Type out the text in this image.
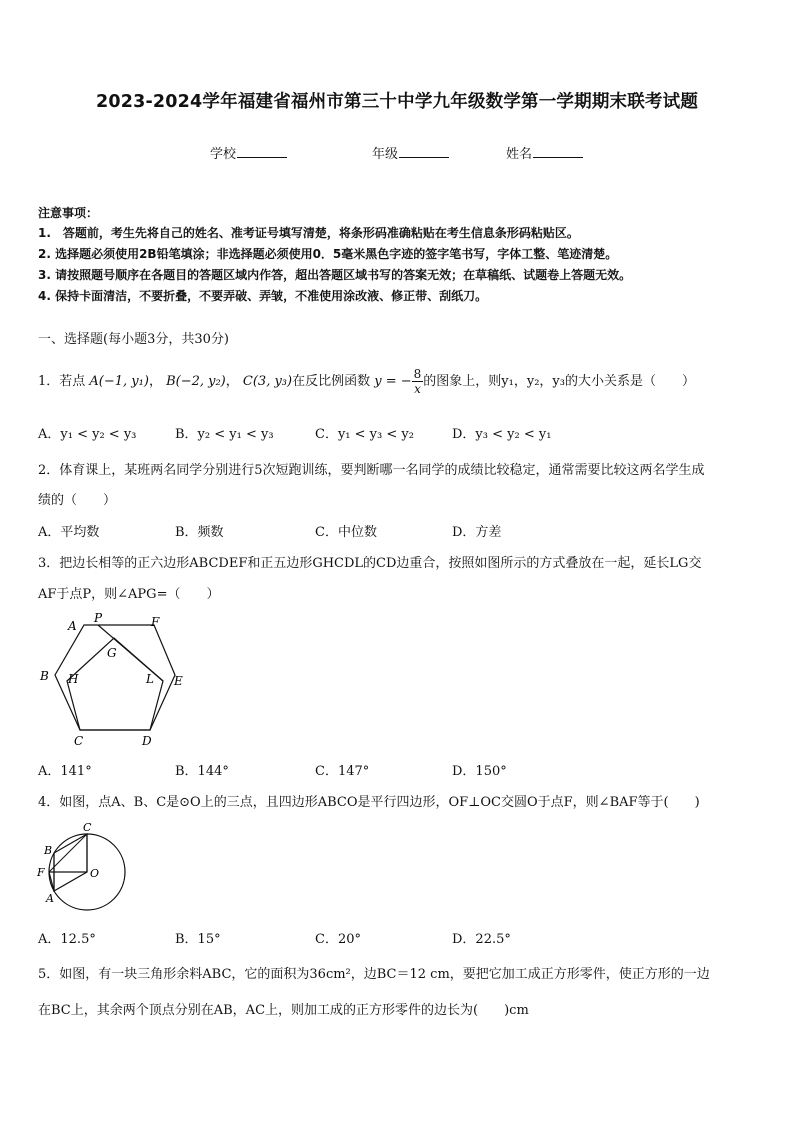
2023-2024学年福建省福州市第三十中学九年级数学第一学期期末联考试题
学校	年级	姓名
注意事项：
1.　答题前，考生先将自己的姓名、准考证号填写清楚，将条形码准确粘贴在考生信息条形码粘贴区。
2. 选择题必须使用2B铅笔填涂；非选择题必须使用0．5毫米黑色字迹的签字笔书写，字体工整、笔迹清楚。
3. 请按照题号顺序在各题目的答题区域内作答，超出答题区域书写的答案无效；在草稿纸、试题卷上答题无效。
4. 保持卡面清洁，不要折叠，不要弄破、弄皱，不准使用涂改液、修正带、刮纸刀。
一、选择题(每小题3分，共30分)
1．若点 A(−1, y₁)， B(−2, y₂)， C(3, y₃)在反比例函数 y = − $\frac{8}{x}$ 的图象上，则y₁，y₂，y₃的大小关系是（　　）
A．y₁ < y₂ < y₃	B．y₂ < y₁ < y₃	C．y₁ < y₃ < y₂	D．y₃ < y₂ < y₁
2．体育课上，某班两名同学分别进行5次短跑训练，要判断哪一名同学的成绩比较稳定，通常需要比较这两名学生成
绩的（　　）
A．平均数	B．频数	C．中位数	D．方差
3．把边长相等的正六边形ABCDEF和正五边形GHCDL的CD边重合，按照如图所示的方式叠放在一起，延长LG交
AF于点P，则∠APG=（　　）
A
P	F
G
B H	L E
C	D
A．141°	B．144°	C．147°	D．150°
4．如图，点A、B、C是⊙O上的三点，且四边形ABCO是平行四边形，OF⊥OC交圆O于点F，则∠BAF等于(　　)
C
B
F	O
A
A．12.5°	B．15°	C．20°	D．22.5°
5．如图，有一块三角形余料ABC，它的面积为36cm²，边BC＝12 cm，要把它加工成正方形零件，使正方形的一边
在BC上，其余两个顶点分别在AB，AC上，则加工成的正方形零件的边长为(　　)cm
